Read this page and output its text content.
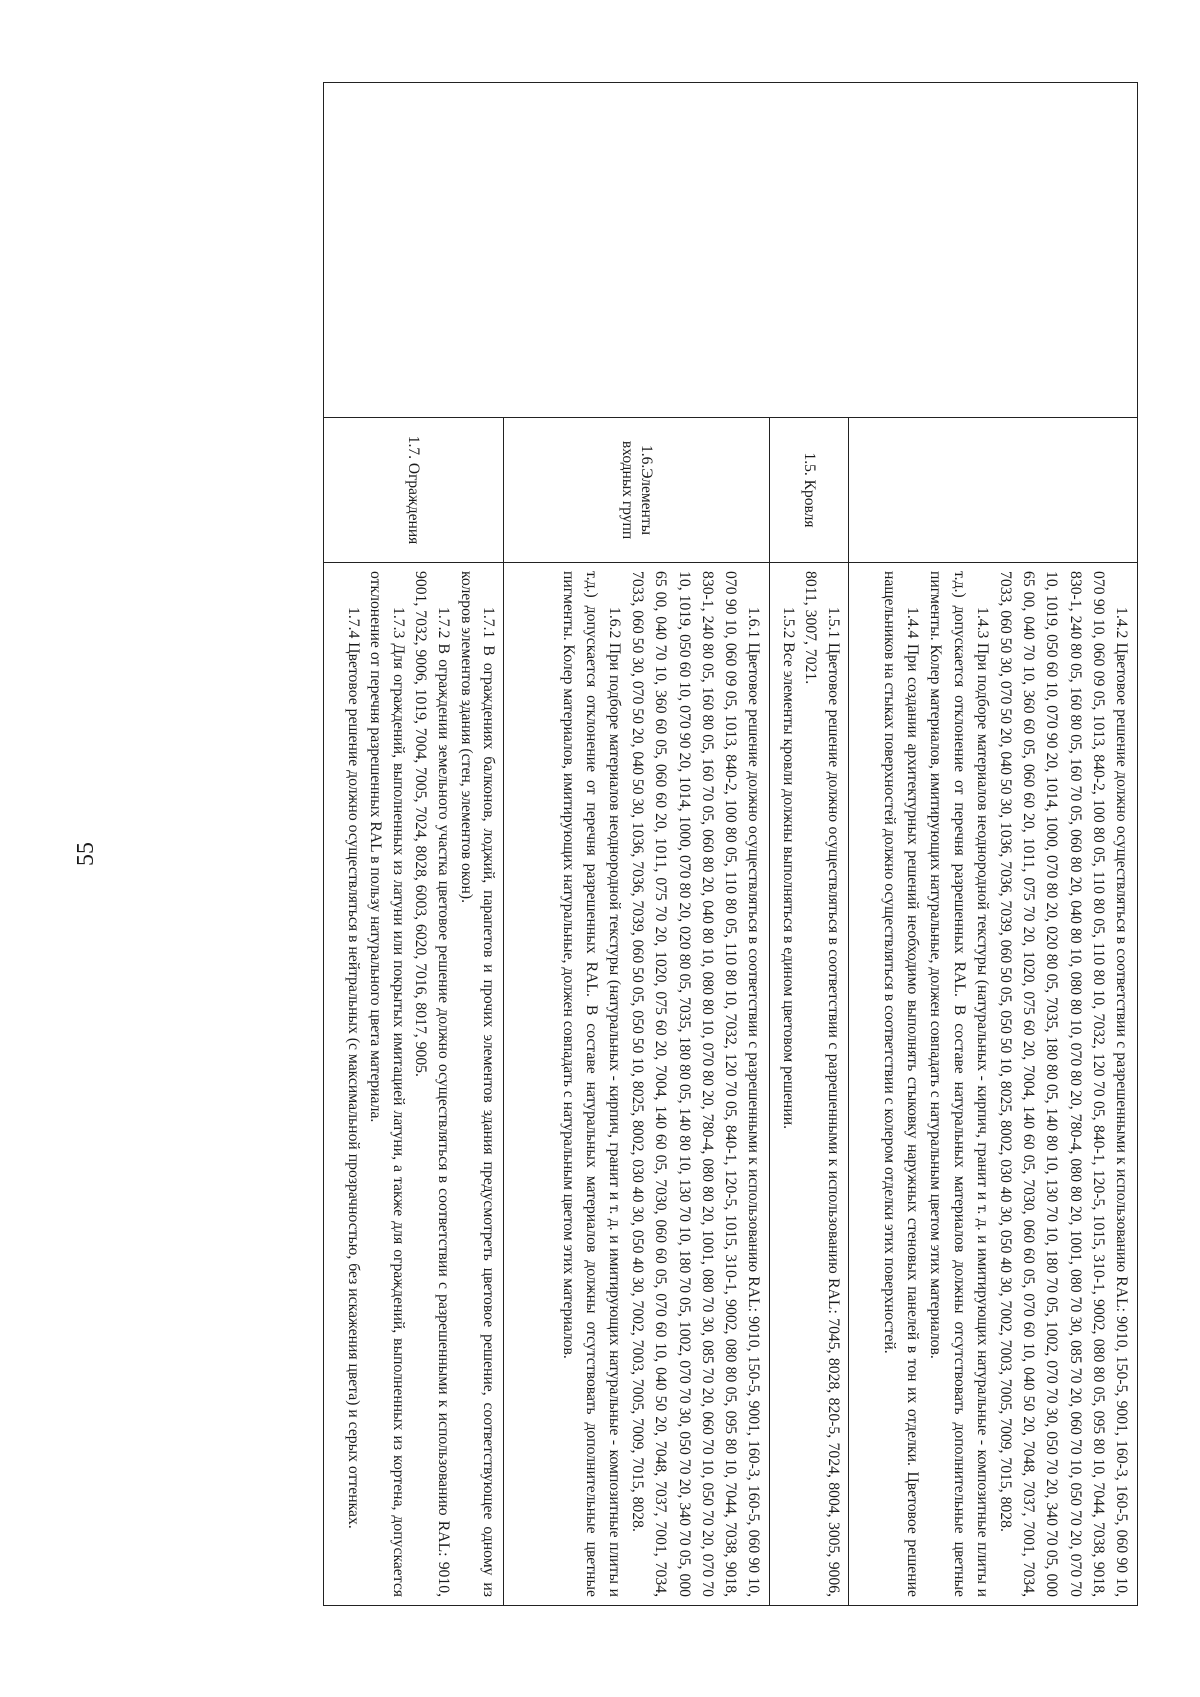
55

		1.4.2 Цветовое решение должно осуществляться в соответствии с разрешенными к использованию RAL: 9010, 150-5, 9001, 160-3, 160-5, 060 90 10, 070 90 10, 060 09 05, 1013, 840-2, 100 80 05, 110 80 05, 110 80 10, 7032, 120 70 05, 840-1, 120-5, 1015, 310-1, 9002, 080 80 05, 095 80 10, 7044, 7038, 9018, 830-1, 240 80 05, 160 80 05, 160 70 05, 060 80 20, 040 80 10, 080 80 10, 070 80 20, 780-4, 080 80 20, 1001, 080 70 30, 085 70 20, 060 70 10, 050 70 20, 070 70 10, 1019, 050 60 10, 070 90 20, 1014, 1000, 070 80 20, 020 80 05, 7035, 180 80 05, 140 80 10, 130 70 10, 180 70 05, 1002, 070 70 30, 050 70 20, 340 70 05, 000 65 00, 040 70 10, 360 60 05, 060 60 20, 1011, 075 70 20, 1020, 075 60 20, 7004, 140 60 05, 7030, 060 60 05, 070 60 10, 040 50 20, 7048, 7037, 7001, 7034, 7033, 060 50 30, 070 50 20, 040 50 30, 1036, 7036, 7039, 060 50 05, 050 50 10, 8025, 8002, 030 40 30, 050 40 30, 7002, 7003, 7005, 7009, 7015, 8028.

1.4.3 При подборе материалов неоднородной текстуры (натуральных - кирпич, гранит и т. д. и имитирующих натуральные - композитные плиты и т.д.) допускается отклонение от перечня разрешенных RAL. В составе натуральных материалов должны отсутствовать дополнительные цветные пигменты. Колер материалов, имитирующих натуральные, должен совпадать с натуральным цветом этих материалов.

1.4.4 При создании архитектурных решений необходимо выполнять стыковку наружных стеновых панелей в тон их отделки. Цветовое решение нащельников на стыках поверхностей должно осуществляться в соответствии с колером отделки этих поверхностей.

	1.5. Кровля	1.5.1 Цветовое решение должно осуществляться в соответствии с разрешенными к использованию RAL: 7045, 8028, 820-5, 7024, 8004, 3005, 9006, 8011, 3007, 7021.

1.5.2 Все элементы кровли должны выполняться в едином цветовом решении.

	1.6.Элементы входных групп	1.6.1 Цветовое решение должно осуществляться в соответствии с разрешенными к использованию RAL: 9010, 150-5, 9001, 160-3, 160-5, 060 90 10, 070 90 10, 060 09 05, 1013, 840-2, 100 80 05, 110 80 05, 110 80 10, 7032, 120 70 05, 840-1, 120-5, 1015, 310-1, 9002, 080 80 05, 095 80 10, 7044, 7038, 9018, 830-1, 240 80 05, 160 80 05, 160 70 05, 060 80 20, 040 80 10, 080 80 10, 070 80 20, 780-4, 080 80 20, 1001, 080 70 30, 085 70 20, 060 70 10, 050 70 20, 070 70 10, 1019, 050 60 10, 070 90 20, 1014, 1000, 070 80 20, 020 80 05, 7035, 180 80 05, 140 80 10, 130 70 10, 180 70 05, 1002, 070 70 30, 050 70 20, 340 70 05, 000 65 00, 040 70 10, 360 60 05, 060 60 20, 1011, 075 70 20, 1020, 075 60 20, 7004, 140 60 05, 7030, 060 60 05, 070 60 10, 040 50 20, 7048, 7037, 7001, 7034, 7033, 060 50 30, 070 50 20, 040 50 30, 1036, 7036, 7039, 060 50 05, 050 50 10, 8025, 8002, 030 40 30, 050 40 30, 7002, 7003, 7005, 7009, 7015, 8028.

1.6.2 При подборе материалов неоднородной текстуры (натуральных - кирпич, гранит и т. д. и имитирующих натуральные - композитные плиты и т.д.) допускается отклонение от перечня разрешенных RAL. В составе натуральных материалов должны отсутствовать дополнительные цветные пигменты. Колер материалов, имитирующих натуральные, должен совпадать с натуральным цветом этих материалов.

	1.7. Ограждения	1.7.1 В ограждениях балконов, лоджий, парапетов и прочих элементов здания предусмотреть цветовое решение, соответствующее одному из колеров элементов здания (стен, элементов окон).

1.7.2 В ограждении земельного участка цветовое решение должно осуществляться в соответствии с разрешенными к использованию RAL: 9010, 9001, 7032, 9006, 1019, 7004, 7005, 7024, 8028, 6003, 6020, 7016, 8017, 9005.

1.7.3 Для ограждений, выполненных из латуни или покрытых имитацией латуни, а также для ограждений, выполненных из кортена, допускается отклонение от перечня разрешенных RAL в пользу натурального цвета материала.

1.7.4 Цветовое решение должно осуществляться в нейтральных (с максимальной прозрачностью, без искажения цвета) и серых оттенках.
